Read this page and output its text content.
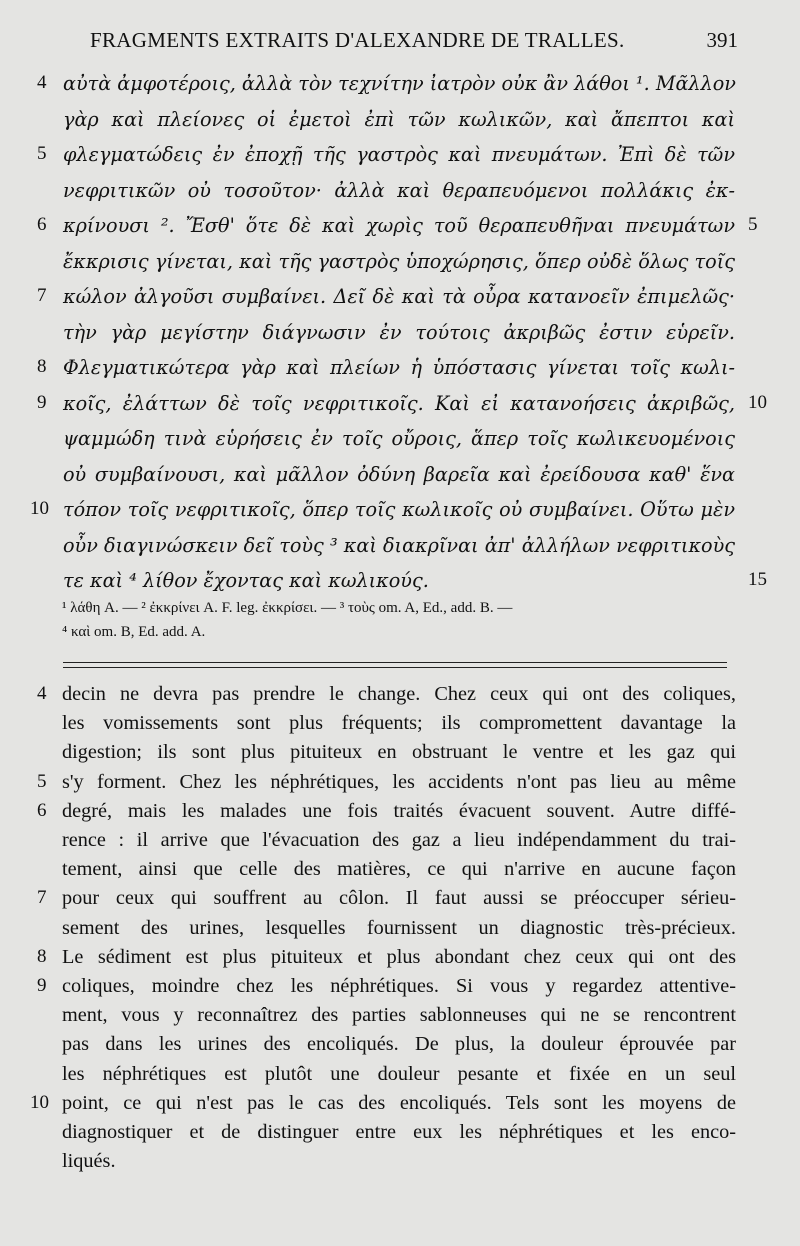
FRAGMENTS EXTRAITS D'ALEXANDRE DE TRALLES.	391
4 αὐτὰ ἀμφοτέροις, ἀλλὰ τὸν τεχνίτην ἰατρὸν οὐκ ἂν λάθοι ¹. Μᾶλλον
γὰρ καὶ πλείονες οἱ ἐμετοὶ ἐπὶ τῶν κωλικῶν, καὶ ἄπεπτοι καὶ
5 φλεγματώδεις ἐν ἐποχῇ τῆς γαστρὸς καὶ πνευμάτων. Ἐπὶ δὲ τῶν
νεφριτικῶν οὐ τοσοῦτον· ἀλλὰ καὶ θεραπευόμενοι πολλάκις ἐκ-
6 κρίνουσι ². Ἔσθ' ὅτε δὲ καὶ χωρὶς τοῦ θεραπευθῆναι πνευμάτων 5
ἔκκρισις γίνεται, καὶ τῆς γαστρὸς ὑποχώρησις, ὅπερ οὐδὲ ὅλως τοῖς
7 κώλον ἀλγοῦσι συμβαίνει. Δεῖ δὲ καὶ τὰ οὖρα κατανοεῖν ἐπιμελῶς·
τὴν γὰρ μεγίστην διάγνωσιν ἐν τούτοις ἀκριβῶς ἐστιν εὑρεῖν.
8 Φλεγματικώτερα γὰρ καὶ πλείων ἡ ὑπόστασις γίνεται τοῖς κωλι-
9 κοῖς, ἐλάττων δὲ τοῖς νεφριτικοῖς. Καὶ εἰ κατανοήσεις ἀκριβῶς, 10
ψαμμώδη τινὰ εὑρήσεις ἐν τοῖς οὔροις, ἅπερ τοῖς κωλικευομένοις
οὐ συμβαίνουσι, καὶ μᾶλλον ὀδύνη βαρεῖα καὶ ἐρείδουσα καθ' ἕνα
10 τόπον τοῖς νεφριτικοῖς, ὅπερ τοῖς κωλικοῖς οὐ συμβαίνει. Οὕτω μὲν
οὖν διαγινώσκειν δεῖ τοὺς ³ καὶ διακρῖναι ἀπ' ἀλλήλων νεφριτικοὺς
τε καὶ ⁴ λίθον ἔχοντας καὶ κωλικούς.	15
¹ λάθη A. — ² ἐκκρίνει A. F. leg. ἐκκρίσει. — ³ τοὺς om. A, Ed., add. B. —
⁴ καὶ om. B, Ed. add. A.
4 decin ne devra pas prendre le change. Chez ceux qui ont des coliques,
les vomissements sont plus fréquents; ils compromettent davantage la
digestion; ils sont plus pituiteux en obstruant le ventre et les gaz qui
5 s'y forment. Chez les néphrétiques, les accidents n'ont pas lieu au même
6 degré, mais les malades une fois traités évacuent souvent. Autre diffé-
rence : il arrive que l'évacuation des gaz a lieu indépendamment du trai-
tement, ainsi que celle des matières, ce qui n'arrive en aucune façon
7 pour ceux qui souffrent au côlon. Il faut aussi se préoccuper sérieu-
sement des urines, lesquelles fournissent un diagnostic très-précieux.
8 Le sédiment est plus pituiteux et plus abondant chez ceux qui ont des
9 coliques, moindre chez les néphrétiques. Si vous y regardez attentive-
ment, vous y reconnaîtrez des parties sablonneuses qui ne se rencontrent
pas dans les urines des encoliqués. De plus, la douleur éprouvée par
les néphrétiques est plutôt une douleur pesante et fixée en un seul
10 point, ce qui n'est pas le cas des encoliqués. Tels sont les moyens de
diagnostiquer et de distinguer entre eux les néphrétiques et les enco-
liqués.
